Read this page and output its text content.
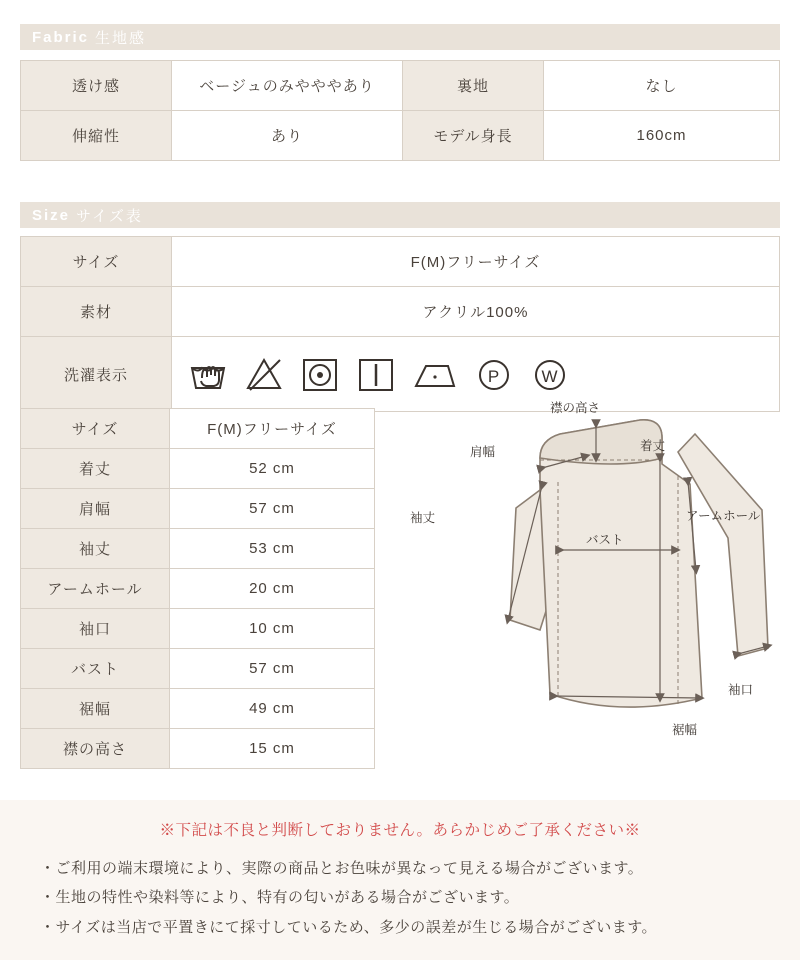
Fabric 生地感
透け感	ベージュのみやややあり	裏地	なし
伸縮性	あり	モデル身長	160cm
Size サイズ表
サイズ	F(M)フリーサイズ
素材	アクリル100%
洗濯表示	P W
サイズ	F(M)フリーサイズ
着丈	52 cm
肩幅	57 cm
袖丈	53 cm
アームホール	20 cm
袖口	10 cm
バスト	57 cm
裾幅	49 cm
襟の高さ	15 cm
襟の高さ
肩幅	着丈
袖丈	アームホール
バスト
袖口
裾幅
※下記は不良と判断しておりません。あらかじめご了承ください※
・ご利用の端末環境により、実際の商品とお色味が異なって見える場合がございます。
・生地の特性や染料等により、特有の匂いがある場合がございます。
・サイズは当店で平置きにて採寸しているため、多少の誤差が生じる場合がございます。
